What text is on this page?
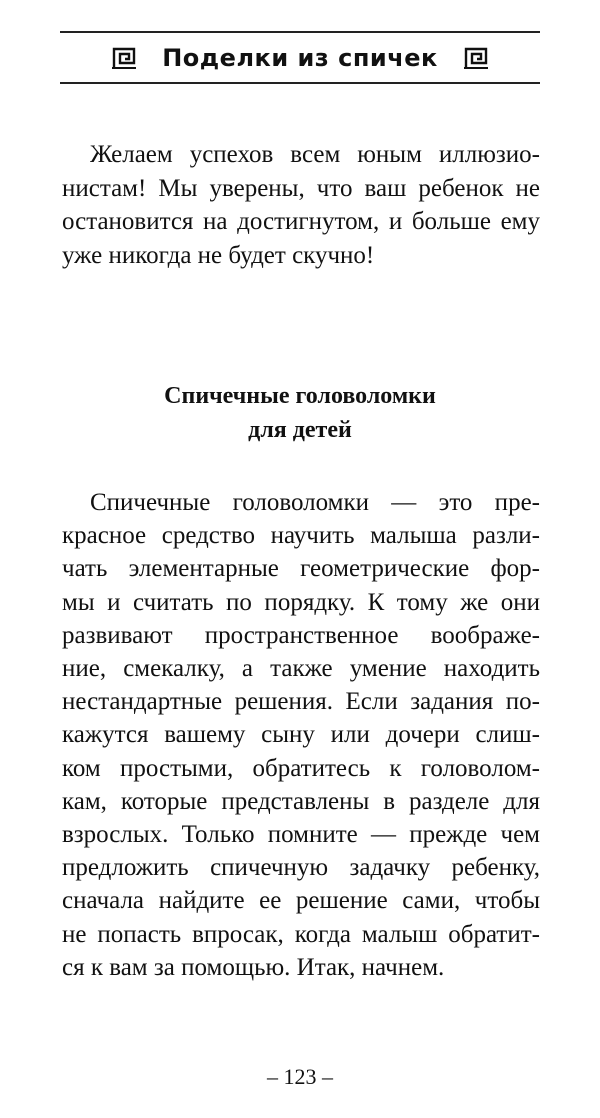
Поделки из спичек
Желаем успехов всем юным иллюзио-
нистам! Мы уверены, что ваш ребенок не
остановится на достигнутом, и больше ему
уже никогда не будет скучно!
Спичечные головоломки
для детей
Спичечные головоломки — это пре-
красное средство научить малыша разли-
чать элементарные геометрические фор-
мы и считать по порядку. К тому же они
развивают пространственное воображе-
ние, смекалку, а также умение находить
нестандартные решения. Если задания по-
кажутся вашему сыну или дочери слиш-
ком простыми, обратитесь к головолом-
кам, которые представлены в разделе для
взрослых. Только помните — прежде чем
предложить спичечную задачку ребенку,
сначала найдите ее решение сами, чтобы
не попасть впросак, когда малыш обратит-
ся к вам за помощью. Итак, начнем.
– 123 –
